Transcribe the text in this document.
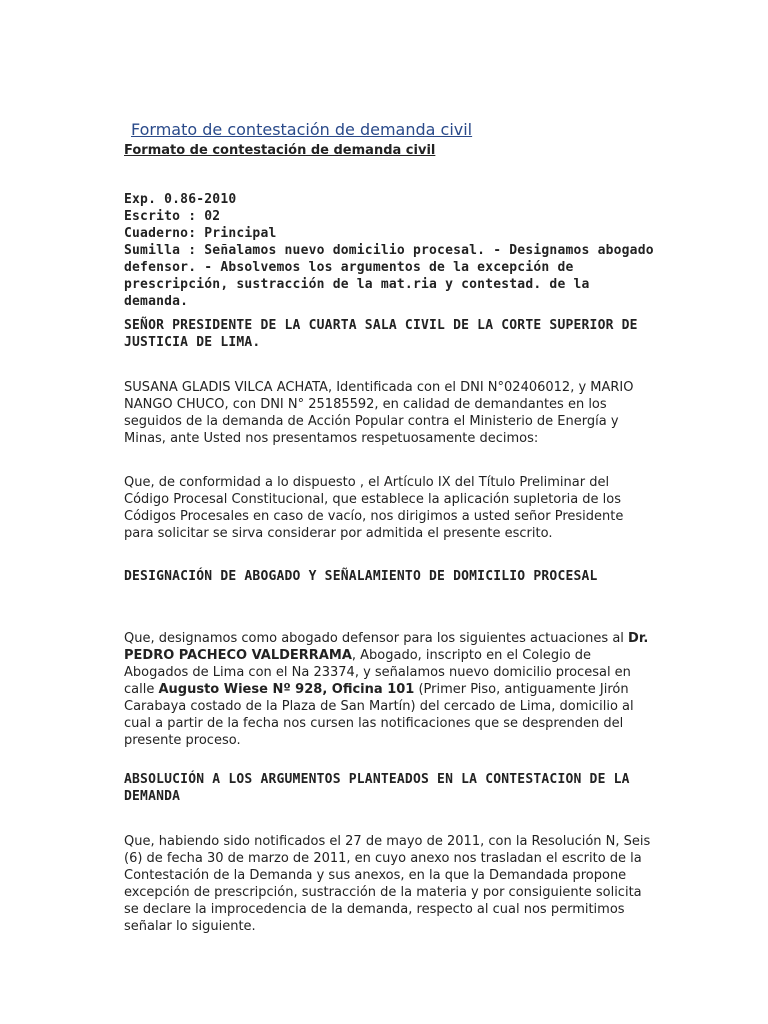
Formato de contestación de demanda civil
Formato de contestación de demanda civil

Exp. 0.86-2010

Escrito : 02

Cuaderno: Principal

Sumilla : Señalamos nuevo domicilio procesal. - Designamos abogado defensor. - Absolvemos los argumentos de la excepción de prescripción, sustracción de la mat.ria y contestad. de la demanda.

SEÑOR PRESIDENTE DE LA CUARTA SALA CIVIL DE LA CORTE SUPERIOR DE JUSTICIA DE LIMA.
SUSANA GLADIS VILCA ACHATA, Identificada con el DNI N°02406012, y MARIO NANGO CHUCO, con DNI N° 25185592, en calidad de demandantes en los seguidos de la demanda de Acción Popular contra el Ministerio de Energía y Minas, ante Usted nos presentamos respetuosamente decimos:
Que, de conformidad a lo dispuesto , el Artículo IX del Título Preliminar del Código Procesal Constitucional, que establece la aplicación supletoria de los Códigos Procesales en caso de vacío, nos dirigimos a usted señor Presidente para solicitar se sirva considerar por admitida el presente escrito.
DESIGNACIÓN DE ABOGADO Y SEÑALAMIENTO DE DOMICILIO PROCESAL
Que, designamos como abogado defensor para los siguientes actuaciones al Dr. PEDRO PACHECO VALDERRAMA, Abogado, inscripto en el Colegio de Abogados de Lima con el Na 23374, y señalamos nuevo domicilio procesal en calle Augusto Wiese Nº 928, Oficina 101 (Primer Piso, antiguamente Jirón Carabaya costado de la Plaza de San Martín) del cercado de Lima, domicilio al cual a partir de la fecha nos cursen las notificaciones que se desprenden del presente proceso.
ABSOLUCIÓN A LOS ARGUMENTOS PLANTEADOS EN LA CONTESTACION DE LA DEMANDA
Que, habiendo sido notificados el 27 de mayo de 2011, con la Resolución N, Seis (6) de fecha 30 de marzo de 2011, en cuyo anexo nos trasladan el escrito de la Contestación de la Demanda y sus anexos, en la que la Demandada propone excepción de prescripción, sustracción de la materia y por consiguiente solicita se declare la improcedencia de la demanda, respecto al cual nos permitimos señalar lo siguiente.
